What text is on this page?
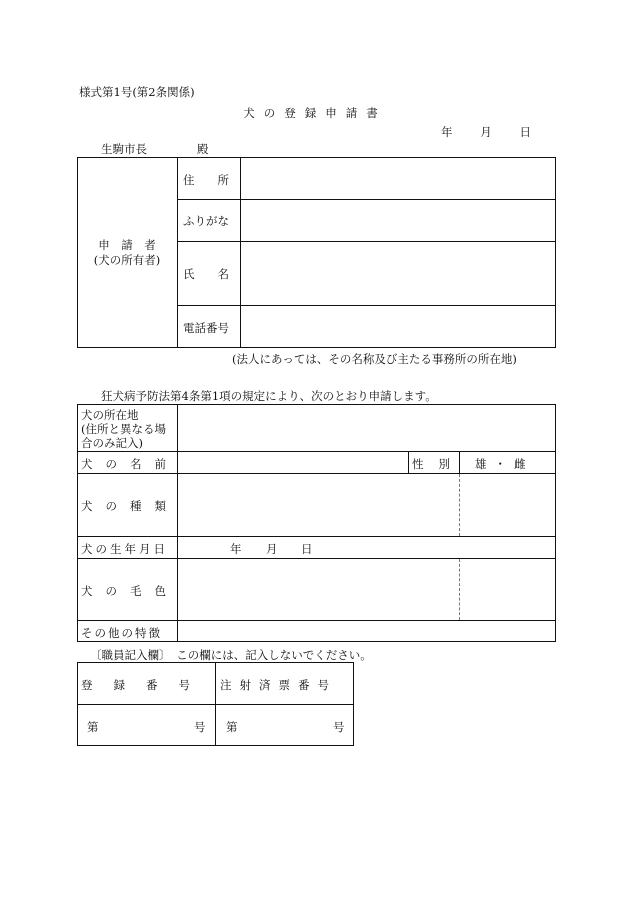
様式第1号(第2条関係)
犬の登録申請書
年 月 日
生駒市長	殿
申　請　者
(犬の所有者)
住　　所
ふりがな
氏　　名
電話番号
(法人にあっては、その名称及び主たる事務所の所在地)
狂犬病予防法第4条第1項の規定により、次のとおり申請します。
犬の所在地
(住所と異なる場
合のみ記入)
犬の名前	性別 雄・雌
犬の種類
犬の生年月日	年 月 日
犬の毛色
その他の特徴
〔職員記入欄〕　この欄には、記入しないでください。
登録番号 注射済票番号
第	号 第	号
